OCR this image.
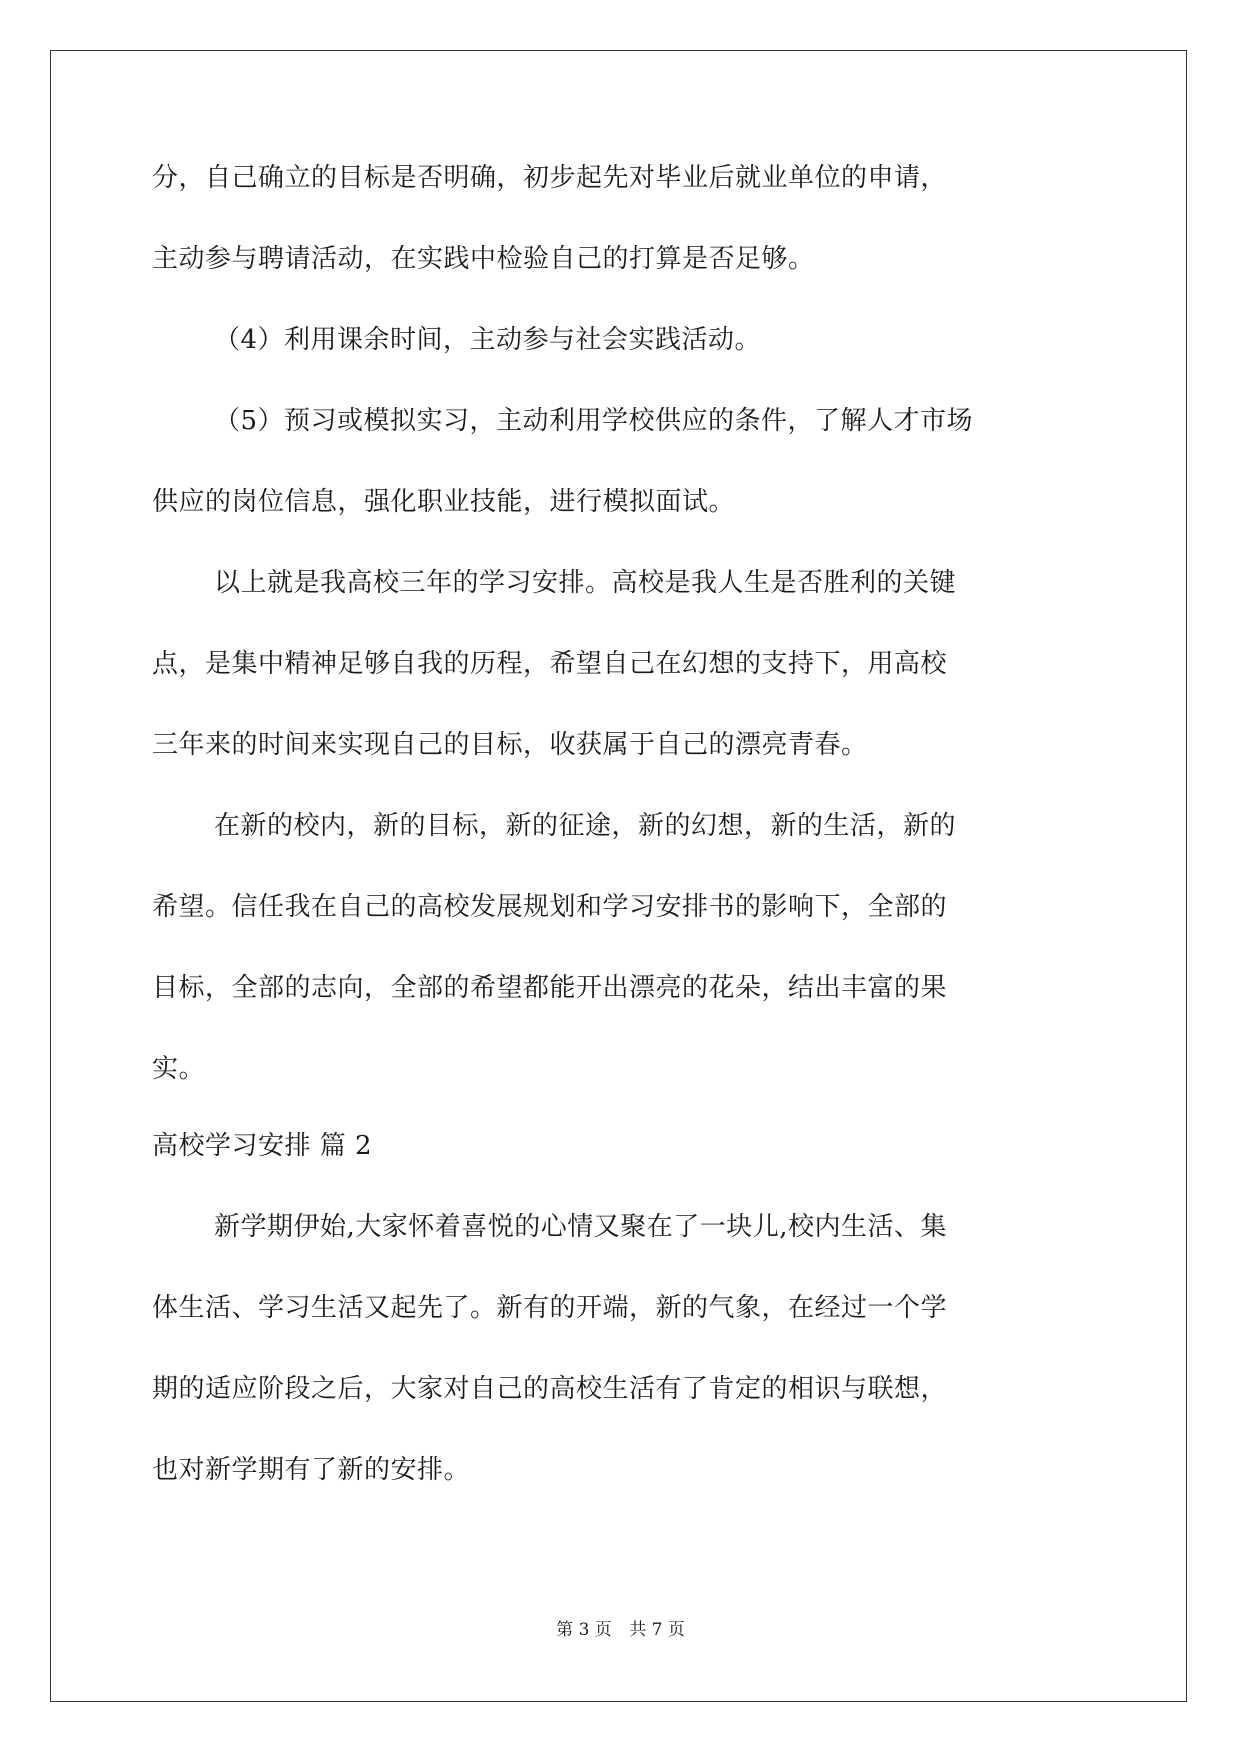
分，自己确立的目标是否明确，初步起先对毕业后就业单位的申请，
主动参与聘请活动，在实践中检验自己的打算是否足够。
（4）利用课余时间，主动参与社会实践活动。
（5）预习或模拟实习，主动利用学校供应的条件，了解人才市场
供应的岗位信息，强化职业技能，进行模拟面试。
以上就是我高校三年的学习安排。高校是我人生是否胜利的关键
点，是集中精神足够自我的历程，希望自己在幻想的支持下，用高校
三年来的时间来实现自己的目标，收获属于自己的漂亮青春。
在新的校内，新的目标，新的征途，新的幻想，新的生活，新的
希望。信任我在自己的高校发展规划和学习安排书的影响下，全部的
目标，全部的志向，全部的希望都能开出漂亮的花朵，结出丰富的果
实。
高校学习安排 篇 2
新学期伊始,大家怀着喜悦的心情又聚在了一块儿,校内生活、集
体生活、学习生活又起先了。新有的开端，新的气象，在经过一个学
期的适应阶段之后，大家对自己的高校生活有了肯定的相识与联想，
也对新学期有了新的安排。
第 3 页 共 7 页
